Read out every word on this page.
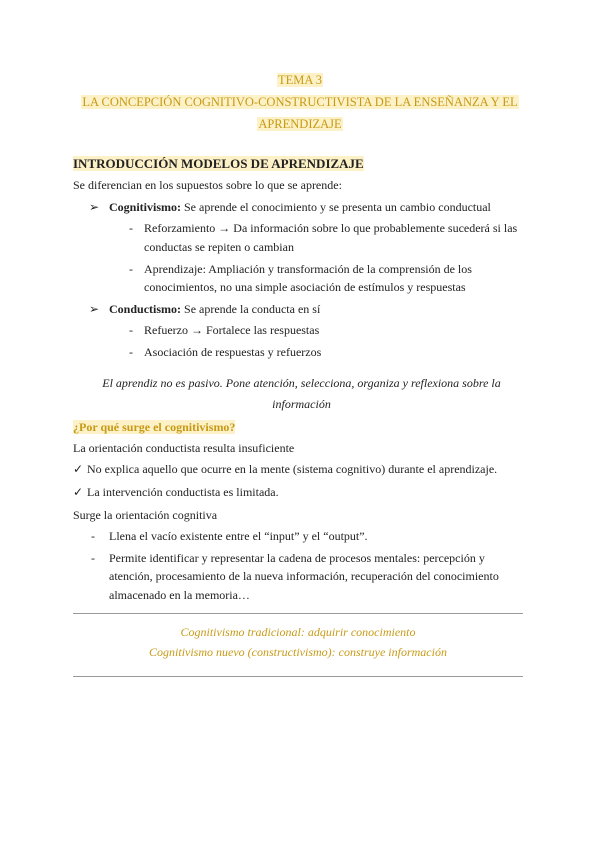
TEMA 3
LA CONCEPCIÓN COGNITIVO-CONSTRUCTIVISTA DE LA ENSEÑANZA Y EL
APRENDIZAJE
INTRODUCCIÓN MODELOS DE APRENDIZAJE
Se diferencian en los supuestos sobre lo que se aprende:
➢ Cognitivismo: Se aprende el conocimiento y se presenta un cambio conductual
- Reforzamiento → Da información sobre lo que probablemente sucederá si las conductas se repiten o cambian
- Aprendizaje: Ampliación y transformación de la comprensión de los conocimientos, no una simple asociación de estímulos y respuestas
➢ Conductismo: Se aprende la conducta en sí
- Refuerzo → Fortalece las respuestas
- Asociación de respuestas y refuerzos
El aprendiz no es pasivo. Pone atención, selecciona, organiza y reflexiona sobre la información
¿Por qué surge el cognitivismo?
La orientación conductista resulta insuficiente
✓ No explica aquello que ocurre en la mente (sistema cognitivo) durante el aprendizaje.
✓ La intervención conductista es limitada.
Surge la orientación cognitiva
- Llena el vacío existente entre el “input” y el “output”.
- Permite identificar y representar la cadena de procesos mentales: percepción y atención, procesamiento de la nueva información, recuperación del conocimiento almacenado en la memoria…
Cognitivismo tradicional: adquirir conocimiento
Cognitivismo nuevo (constructivismo): construye información
